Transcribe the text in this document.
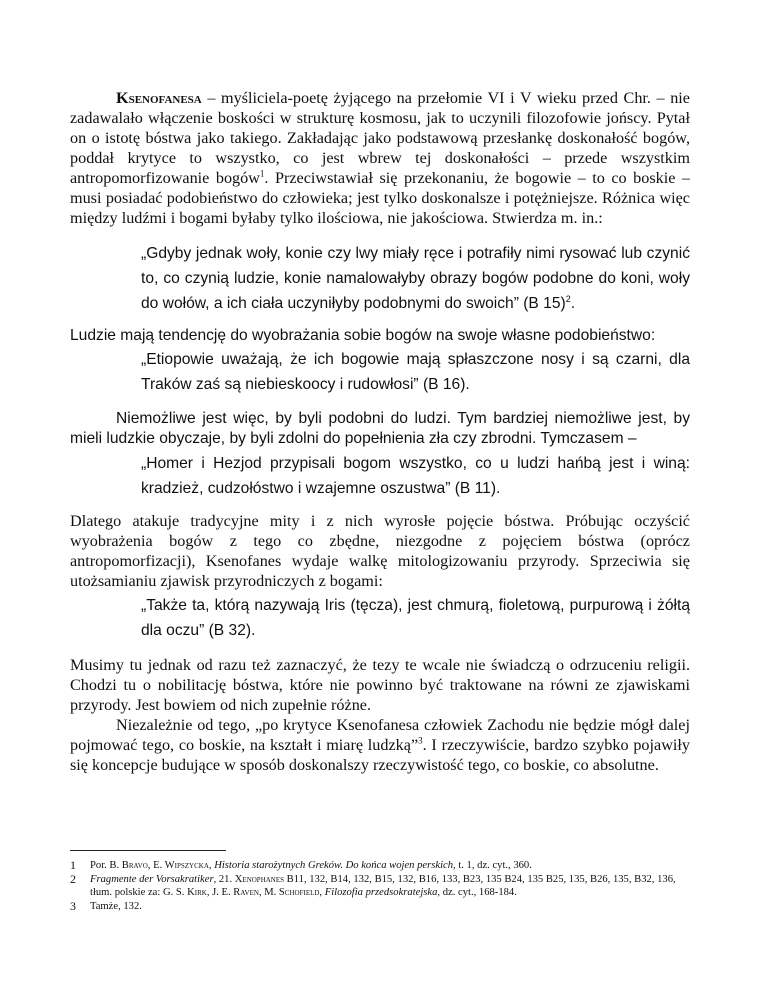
Ksenofanesa – myśliciela-poetę żyjącego na przełomie VI i V wieku przed Chr. – nie zadawalało włączenie boskości w strukturę kosmosu, jak to uczynili filozofowie jońscy. Pytał on o istotę bóstwa jako takiego. Zakładając jako podstawową przesłankę doskonałość bogów, poddał krytyce to wszystko, co jest wbrew tej doskonałości – przede wszystkim antropomorfizowanie bogów$^1$. Przeciwstawiał się przekonaniu, że bogowie – to co boskie – musi posiadać podobieństwo do człowieka; jest tylko doskonalsze i potężniejsze. Różnica więc między ludźmi i bogami byłaby tylko ilościowa, nie jakościowa. Stwierdza m. in.:

„Gdyby jednak woły, konie czy lwy miały ręce i potrafiły nimi rysować lub czynić to, co czynią ludzie, konie namalowałyby obrazy bogów podobne do koni, woły do wołów, a ich ciała uczyniłyby podobnymi do swoich” (B 15)$^2$.

Ludzie mają tendencję do wyobrażania sobie bogów na swoje własne podobieństwo:

„Etiopowie uważają, że ich bogowie mają spłaszczone nosy i są czarni, dla Traków zaś są niebieskoocy i rudowłosi” (B 16).

Niemożliwe jest więc, by byli podobni do ludzi. Tym bardziej niemożliwe jest, by mieli ludzkie obyczaje, by byli zdolni do popełnienia zła czy zbrodni. Tymczasem –

„Homer i Hezjod przypisali bogom wszystko, co u ludzi hańbą jest i winą: kradzież, cudzołóstwo i wzajemne oszustwa” (B 11).

Dlatego atakuje tradycyjne mity i z nich wyrosłe pojęcie bóstwa. Próbując oczyścić wyobrażenia bogów z tego co zbędne, niezgodne z pojęciem bóstwa (oprócz antropomorfizacji), Ksenofanes wydaje walkę mitologizowaniu przyrody. Sprzeciwia się utożsamianiu zjawisk przyrodniczych z bogami:

„Także ta, którą nazywają Iris (tęcza), jest chmurą, fioletową, purpurową i żółtą dla oczu” (B 32).

Musimy tu jednak od razu też zaznaczyć, że tezy te wcale nie świadczą o odrzuceniu religii. Chodzi tu o nobilitację bóstwa, które nie powinno być traktowane na równi ze zjawiskami przyrody. Jest bowiem od nich zupełnie różne.

Niezależnie od tego, „po krytyce Ksenofanesa człowiek Zachodu nie będzie mógł dalej pojmować tego, co boskie, na kształt i miarę ludzką”$^3$. I rzeczywiście, bardzo szybko pojawiły się koncepcje budujące w sposób doskonalszy rzeczywistość tego, co boskie, co absolutne.

1	Por. B. Bravo, E. Wipszycka, Historia starożytnych Greków. Do końca wojen perskich, t. 1, dz. cyt., 360.
2	Fragmente der Vorsakratiker, 21. Xenophanes B11, 132, B14, 132, B15, 132, B16, 133, B23, 135 B24, 135 B25, 135, B26, 135, B32, 136, tłum. polskie za: G. S. Kirk, J. E. Raven, M. Schofield, Filozofia przedsokratejska, dz. cyt., 168-184.
3	Tamże, 132.
